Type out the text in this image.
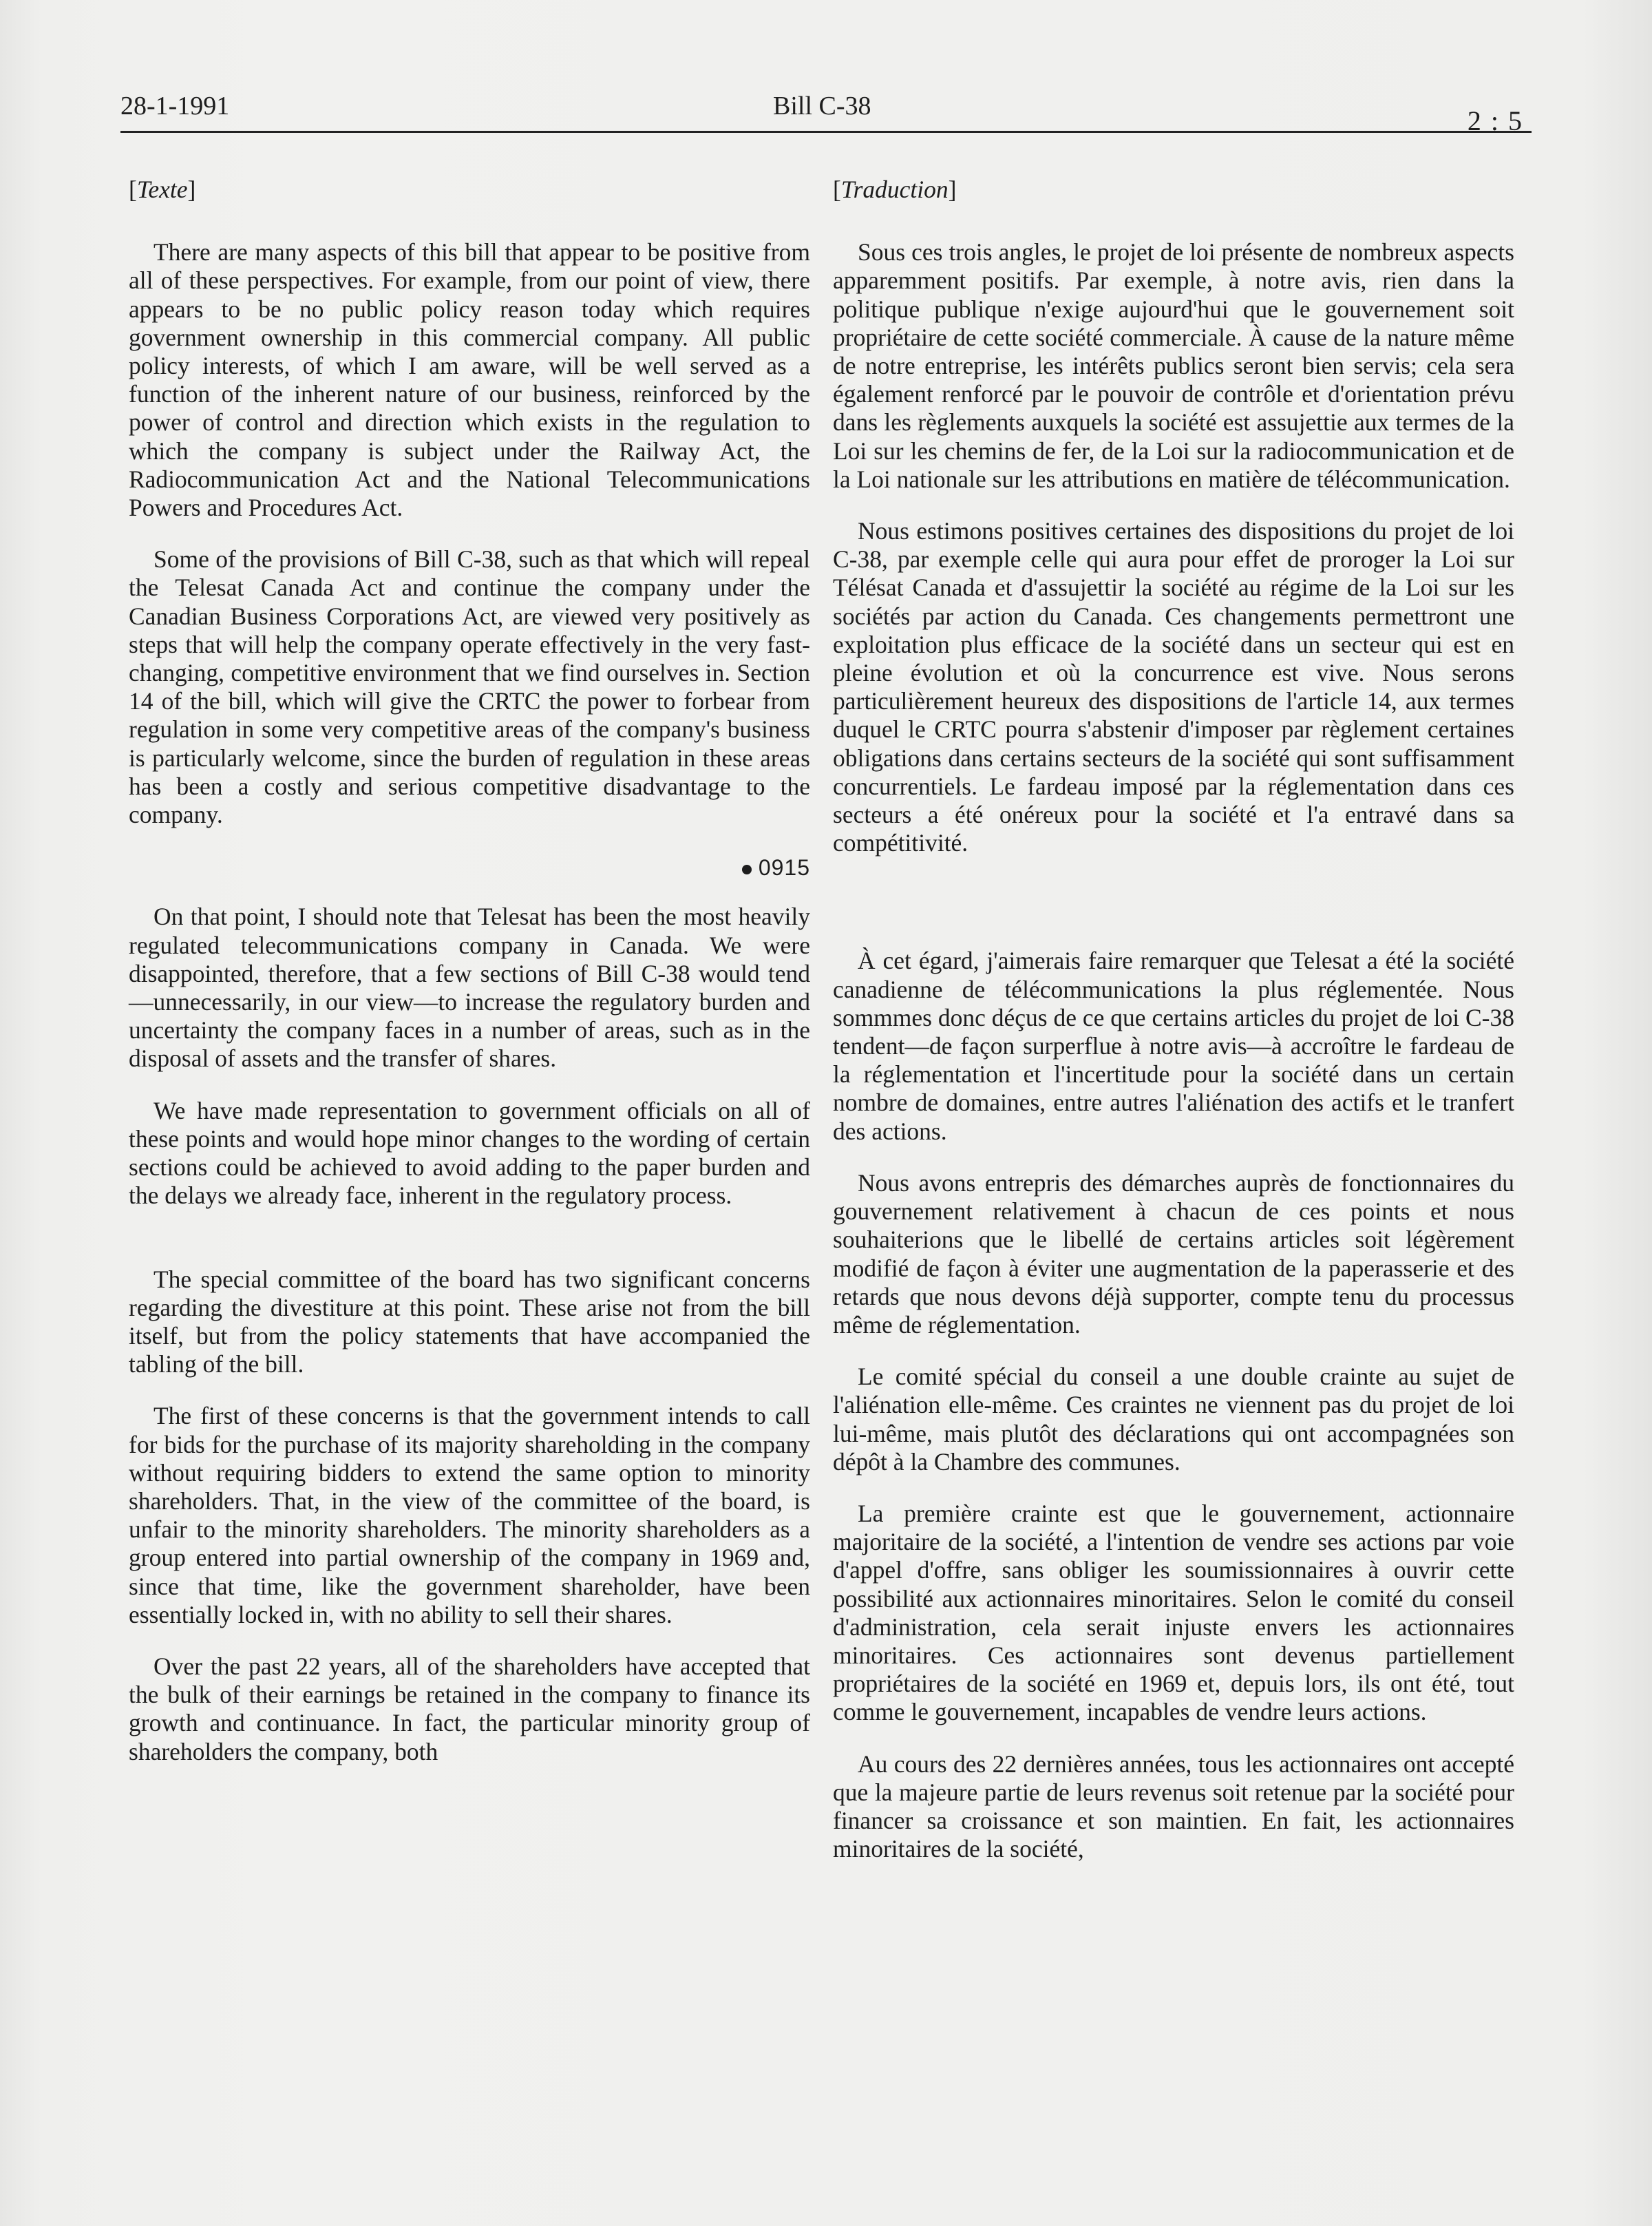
28-1-1991	Bill C-38	2 : 5
[Texte]

There are many aspects of this bill that appear to be positive from all of these perspectives. For example, from our point of view, there appears to be no public policy reason today which requires government ownership in this commercial company. All public policy interests, of which I am aware, will be well served as a function of the inherent nature of our business, reinforced by the power of control and direction which exists in the regulation to which the company is subject under the Railway Act, the Radiocommunication Act and the National Telecommunications Powers and Procedures Act.

Some of the provisions of Bill C-38, such as that which will repeal the Telesat Canada Act and continue the company under the Canadian Business Corporations Act, are viewed very positively as steps that will help the company operate effectively in the very fast-changing, competitive environment that we find ourselves in. Section 14 of the bill, which will give the CRTC the power to forbear from regulation in some very competitive areas of the company's business is particularly welcome, since the burden of regulation in these areas has been a costly and serious competitive disadvantage to the company.

0915

On that point, I should note that Telesat has been the most heavily regulated telecommunications company in Canada. We were disappointed, therefore, that a few sections of Bill C-38 would tend—unnecessarily, in our view—to increase the regulatory burden and uncertainty the company faces in a number of areas, such as in the disposal of assets and the transfer of shares.

We have made representation to government officials on all of these points and would hope minor changes to the wording of certain sections could be achieved to avoid adding to the paper burden and the delays we already face, inherent in the regulatory process.

The special committee of the board has two significant concerns regarding the divestiture at this point. These arise not from the bill itself, but from the policy statements that have accompanied the tabling of the bill.

The first of these concerns is that the government intends to call for bids for the purchase of its majority shareholding in the company without requiring bidders to extend the same option to minority shareholders. That, in the view of the committee of the board, is unfair to the minority shareholders. The minority shareholders as a group entered into partial ownership of the company in 1969 and, since that time, like the government shareholder, have been essentially locked in, with no ability to sell their shares.

Over the past 22 years, all of the shareholders have accepted that the bulk of their earnings be retained in the company to finance its growth and continuance. In fact, the particular minority group of shareholders the company, both

[Traduction]

Sous ces trois angles, le projet de loi présente de nombreux aspects apparemment positifs. Par exemple, à notre avis, rien dans la politique publique n'exige aujourd'hui que le gouvernement soit propriétaire de cette société commerciale. À cause de la nature même de notre entreprise, les intérêts publics seront bien servis; cela sera également renforcé par le pouvoir de contrôle et d'orientation prévu dans les règlements auxquels la société est assujettie aux termes de la Loi sur les chemins de fer, de la Loi sur la radiocommunication et de la Loi nationale sur les attributions en matière de télécommunication.

Nous estimons positives certaines des dispositions du projet de loi C-38, par exemple celle qui aura pour effet de proroger la Loi sur Télésat Canada et d'assujettir la société au régime de la Loi sur les sociétés par action du Canada. Ces changements permettront une exploitation plus efficace de la société dans un secteur qui est en pleine évolution et où la concurrence est vive. Nous serons particulièrement heureux des dispositions de l'article 14, aux termes duquel le CRTC pourra s'abstenir d'imposer par règlement certaines obligations dans certains secteurs de la société qui sont suffisamment concurrentiels. Le fardeau imposé par la réglementation dans ces secteurs a été onéreux pour la société et l'a entravé dans sa compétitivité.

À cet égard, j'aimerais faire remarquer que Telesat a été la société canadienne de télécommunications la plus réglementée. Nous sommmes donc déçus de ce que certains articles du projet de loi C-38 tendent—de façon surperflue à notre avis—à accroître le fardeau de la réglementation et l'incertitude pour la société dans un certain nombre de domaines, entre autres l'aliénation des actifs et le tranfert des actions.

Nous avons entrepris des démarches auprès de fonctionnaires du gouvernement relativement à chacun de ces points et nous souhaiterions que le libellé de certains articles soit légèrement modifié de façon à éviter une augmentation de la paperasserie et des retards que nous devons déjà supporter, compte tenu du processus même de réglementation.

Le comité spécial du conseil a une double crainte au sujet de l'aliénation elle-même. Ces craintes ne viennent pas du projet de loi lui-même, mais plutôt des déclarations qui ont accompagnées son dépôt à la Chambre des communes.

La première crainte est que le gouvernement, actionnaire majoritaire de la société, a l'intention de vendre ses actions par voie d'appel d'offre, sans obliger les soumissionnaires à ouvrir cette possibilité aux actionnaires minoritaires. Selon le comité du conseil d'administration, cela serait injuste envers les actionnaires minoritaires. Ces actionnaires sont devenus partiellement propriétaires de la société en 1969 et, depuis lors, ils ont été, tout comme le gouvernement, incapables de vendre leurs actions.

Au cours des 22 dernières années, tous les actionnaires ont accepté que la majeure partie de leurs revenus soit retenue par la société pour financer sa croissance et son maintien. En fait, les actionnaires minoritaires de la société,
